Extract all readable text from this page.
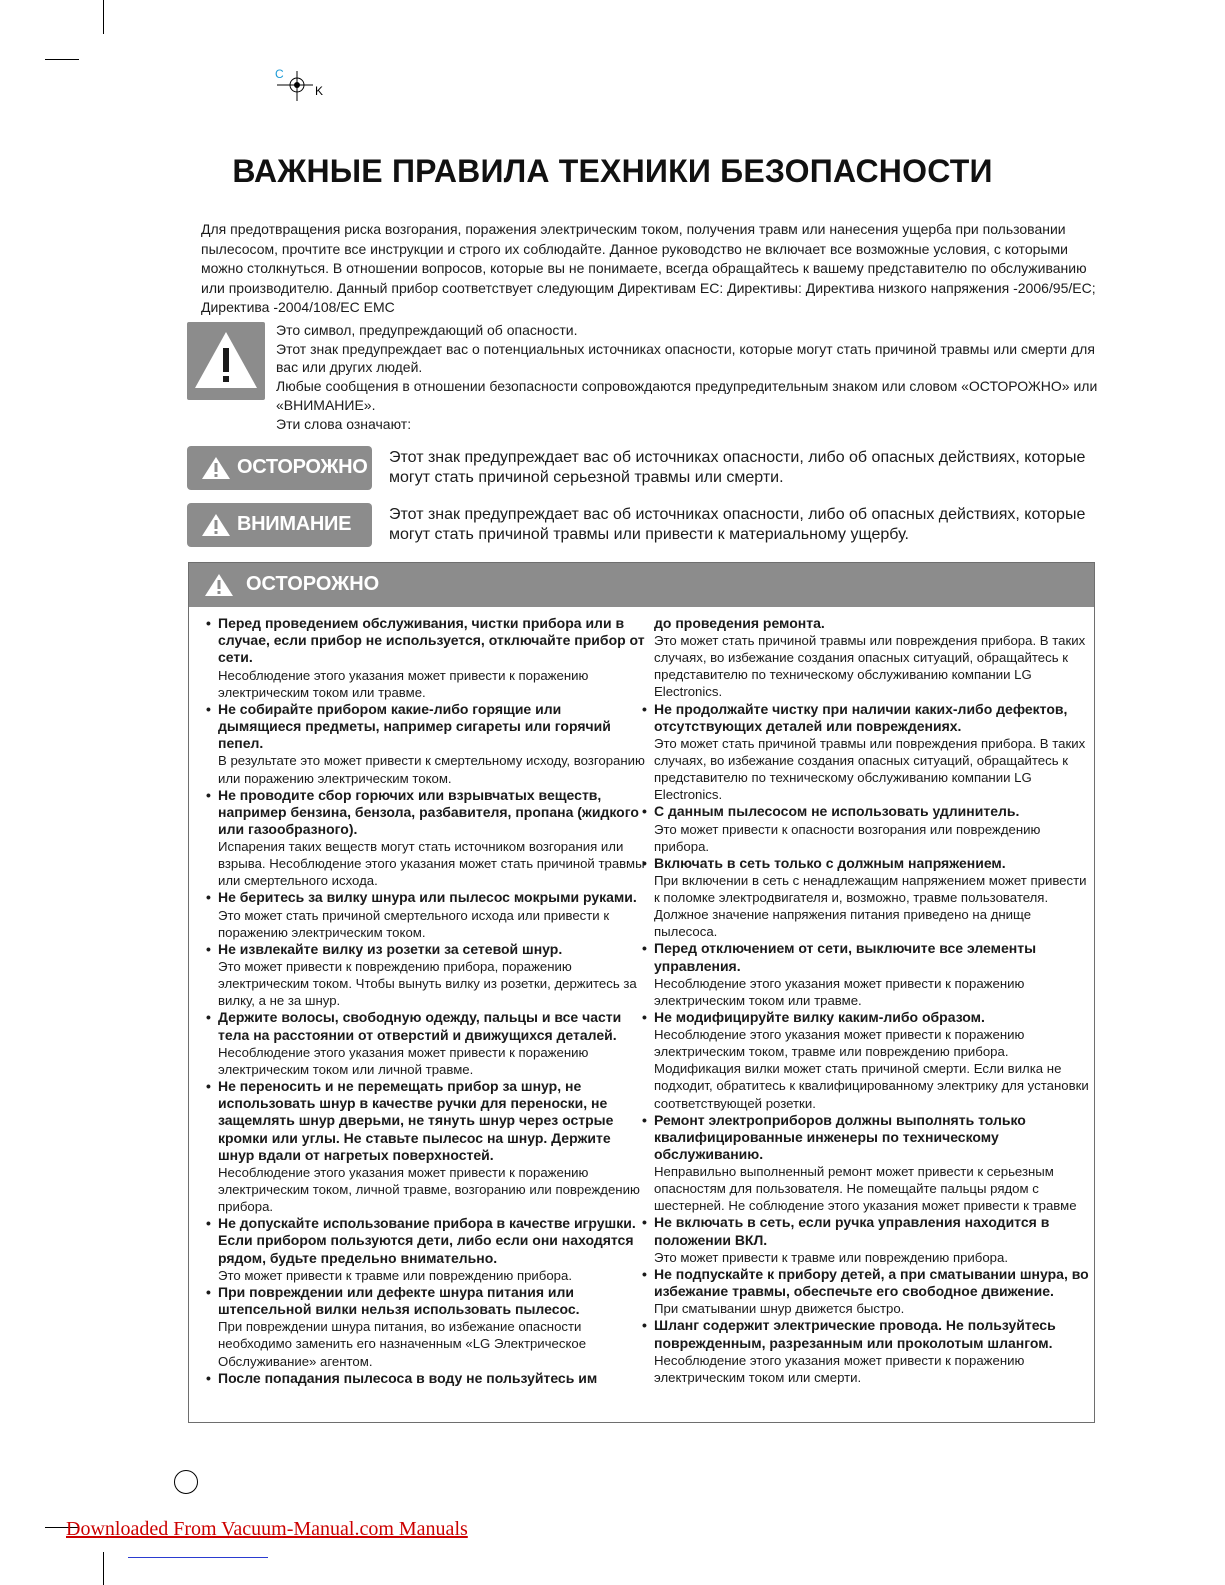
C
K
ВАЖНЫЕ ПРАВИЛА ТЕХНИКИ БЕЗОПАСНОСТИ
Для предотвращения риска возгорания, поражения электрическим током, получения травм или нанесения ущерба при пользовании пылесосом, прочтите все инструкции и строго их соблюдайте. Данное руководство не включает все возможные условия, с которыми можно столкнуться. В отношении вопросов, которые вы не понимаете, всегда обращайтесь к вашему представителю по обслуживанию или производителю. Данный прибор соответствует следующим Директивам ЕС: Директивы: Директива низкого напряжения -2006/95/ЕС; Директива -2004/108/ЕС ЕМС
Это символ, предупреждающий об опасности.
Этот знак предупреждает вас о потенциальных источниках опасности, которые могут стать причиной травмы или смерти для вас или других людей.
Любые сообщения в отношении безопасности сопровождаются предупредительным знаком или словом «ОСТОРОЖНО» или «ВНИМАНИЕ».
Эти слова означают:
ОСТОРОЖНО Этот знак предупреждает вас об источниках опасности, либо об опасных действиях, которые могут стать причиной серьезной травмы или смерти.
ВНИМАНИЕ Этот знак предупреждает вас об источниках опасности, либо об опасных действиях, которые могут стать причиной травмы или привести к материальному ущербу.
ОСТОРОЖНО
• Перед проведением обслуживания, чистки прибора или в случае, если прибор не используется, отключайте прибор от сети.
Несоблюдение этого указания может привести к поражению электрическим током или травме.
• Не собирайте прибором какие-либо горящие или дымящиеся предметы, например сигареты или горячий пепел.
В результате это может привести к смертельному исходу, возгоранию или поражению электрическим током.
• Не проводите сбор горючих или взрывчатых веществ, например бензина, бензола, разбавителя, пропана (жидкого или газообразного).
Испарения таких веществ могут стать источником возгорания или взрыва. Несоблюдение этого указания может стать причиной травмы или смертельного исхода.
• Не беритесь за вилку шнура или пылесос мокрыми руками.
Это может стать причиной смертельного исхода или привести к поражению электрическим током.
• Не извлекайте вилку из розетки за сетевой шнур.
Это может привести к повреждению прибора, поражению электрическим током. Чтобы вынуть вилку из розетки, держитесь за вилку, а не за шнур.
• Держите волосы, свободную одежду, пальцы и все части тела на расстоянии от отверстий и движущихся деталей.
Несоблюдение этого указания может привести к поражению электрическим током или личной травме.
• Не переносить и не перемещать прибор за шнур, не использовать шнур в качестве ручки для переноски, не защемлять шнур дверьми, не тянуть шнур через острые кромки или углы. Не ставьте пылесос на шнур. Держите шнур вдали от нагретых поверхностей.
Несоблюдение этого указания может привести к поражению электрическим током, личной травме, возгоранию или повреждению прибора.
• Не допускайте использование прибора в качестве игрушки. Если прибором пользуются дети, либо если они находятся рядом, будьте предельно внимательно.
Это может привести к травме или повреждению прибора.
• При повреждении или дефекте шнура питания или штепсельной вилки нельзя использовать пылесос.
При повреждении шнура питания, во избежание опасности необходимо заменить его назначенным «LG Электрическое Обслуживание» агентом.
• После попадания пылесоса в воду не пользуйтесь им
до проведения ремонта.
Это может стать причиной травмы или повреждения прибора. В таких случаях, во избежание создания опасных ситуаций, обращайтесь к представителю по техническому обслуживанию компании LG Electronics.
• Не продолжайте чистку при наличии каких-либо дефектов, отсутствующих деталей или повреждениях.
Это может стать причиной травмы или повреждения прибора. В таких случаях, во избежание создания опасных ситуаций, обращайтесь к представителю по техническому обслуживанию компании LG Electronics.
• С данным пылесосом не использовать удлинитель.
Это может привести к опасности возгорания или повреждению прибора.
• Включать в сеть только с должным напряжением.
При включении в сеть с ненадлежащим напряжением может привести к поломке электродвигателя и, возможно, травме пользователя. Должное значение напряжения питания приведено на днище пылесоса.
• Перед отключением от сети, выключите все элементы управления.
Несоблюдение этого указания может привести к поражению электрическим током или травме.
• Не модифицируйте вилку каким-либо образом.
Несоблюдение этого указания может привести к поражению электрическим током, травме или повреждению прибора. Модификация вилки может стать причиной смерти. Если вилка не подходит, обратитесь к квалифицированному электрику для установки соответствующей розетки.
• Ремонт электроприборов должны выполнять только квалифицированные инженеры по техническому обслуживанию.
Неправильно выполненный ремонт может привести к серьезным опасностям для пользователя. Не помещайте пальцы рядом с шестерней. Не соблюдение этого указания может привести к травме
• Не включать в сеть, если ручка управления находится в положении ВКЛ.
Это может привести к травме или повреждению прибора.
• Не подпускайте к прибору детей, а при сматывании шнура, во избежание травмы, обеспечьте его свободное движение.
При сматывании шнур движется быстро.
• Шланг содержит электрические провода. Не пользуйтесь поврежденным, разрезанным или проколотым шлангом.
Несоблюдение этого указания может привести к поражению электрическим током или смерти.
Downloaded From Vacuum-Manual.com Manuals
